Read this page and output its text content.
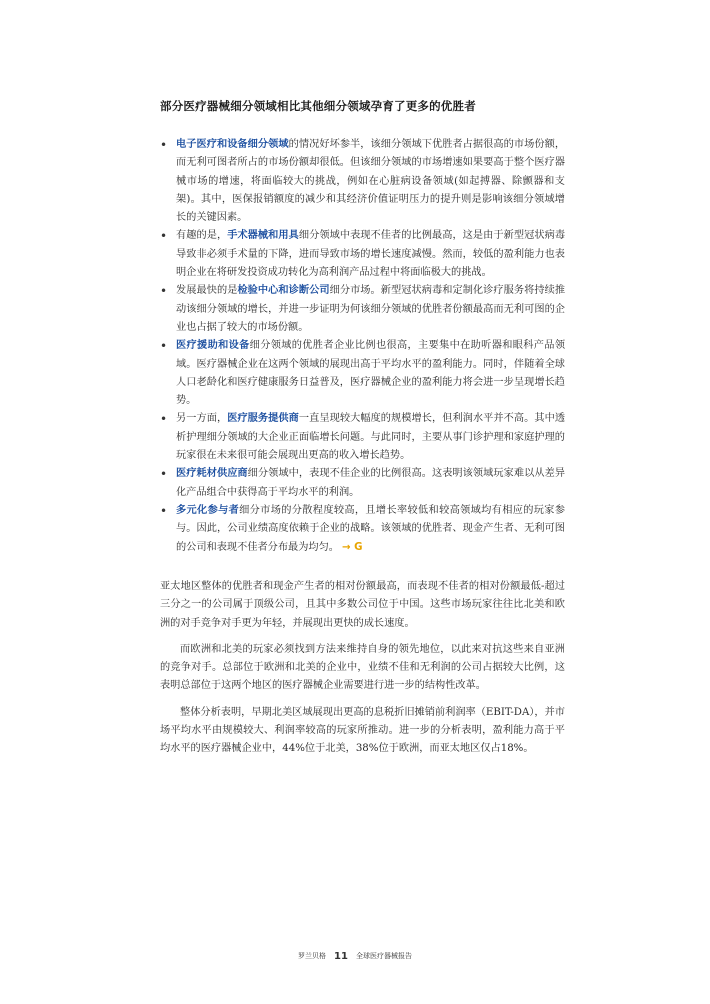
部分医疗器械细分领域相比其他细分领域孕育了更多的优胜者
• 电子医疗和设备细分领域的情况好坏参半，该细分领域下优胜者占据很高的市场份额，而无利可图者所占的市场份额却很低。但该细分领域的市场增速如果要高于整个医疗器械市场的增速，将面临较大的挑战，例如在心脏病设备领域(如起搏器、除颤器和支架)。其中，医保报销额度的减少和其经济价值证明压力的提升则是影响该细分领域增长的关键因素。
• 有趣的是，手术器械和用具细分领域中表现不佳者的比例最高，这是由于新型冠状病毒导致非必须手术量的下降，进而导致市场的增长速度减慢。然而，较低的盈利能力也表明企业在将研发投资成功转化为高利润产品过程中将面临极大的挑战。
• 发展最快的是检验中心和诊断公司细分市场。新型冠状病毒和定制化诊疗服务将持续推动该细分领域的增长，并进一步证明为何该细分领域的优胜者份额最高而无利可图的企业也占据了较大的市场份额。
• 医疗援助和设备细分领域的优胜者企业比例也很高，主要集中在助听器和眼科产品领域。医疗器械企业在这两个领域的展现出高于平均水平的盈利能力。同时，伴随着全球人口老龄化和医疗健康服务日益普及，医疗器械企业的盈利能力将会进一步呈现增长趋势。
• 另一方面，医疗服务提供商一直呈现较大幅度的规模增长，但利润水平并不高。其中透析护理细分领域的大企业正面临增长问题。与此同时，主要从事门诊护理和家庭护理的玩家很在未来很可能会展现出更高的收入增长趋势。
• 医疗耗材供应商细分领域中，表现不佳企业的比例很高。这表明该领域玩家难以从差异化产品组合中获得高于平均水平的利润。
• 多元化参与者细分市场的分散程度较高，且增长率较低和较高领域均有相应的玩家参与。因此，公司业绩高度依赖于企业的战略。该领域的优胜者、现金产生者、无利可图的公司和表现不佳者分布最为均匀。 → G

亚太地区整体的优胜者和现金产生者的相对份额最高，而表现不佳者的相对份额最低-超过三分之一的公司属于顶级公司，且其中多数公司位于中国。这些市场玩家往往比北美和欧洲的对手竞争对手更为年轻，并展现出更快的成长速度。

而欧洲和北美的玩家必须找到方法来维持自身的领先地位，以此来对抗这些来自亚洲的竞争对手。总部位于欧洲和北美的企业中，业绩不佳和无利润的公司占据较大比例，这表明总部位于这两个地区的医疗器械企业需要进行进一步的结构性改革。

整体分析表明，早期北美区域展现出更高的息税折旧摊销前利润率（EBIT-DA），并市场平均水平由规模较大、利润率较高的玩家所推动。进一步的分析表明，盈利能力高于平均水平的医疗器械企业中，44%位于北美，38%位于欧洲，而亚太地区仅占18%。

罗兰贝格 11 全球医疗器械报告
